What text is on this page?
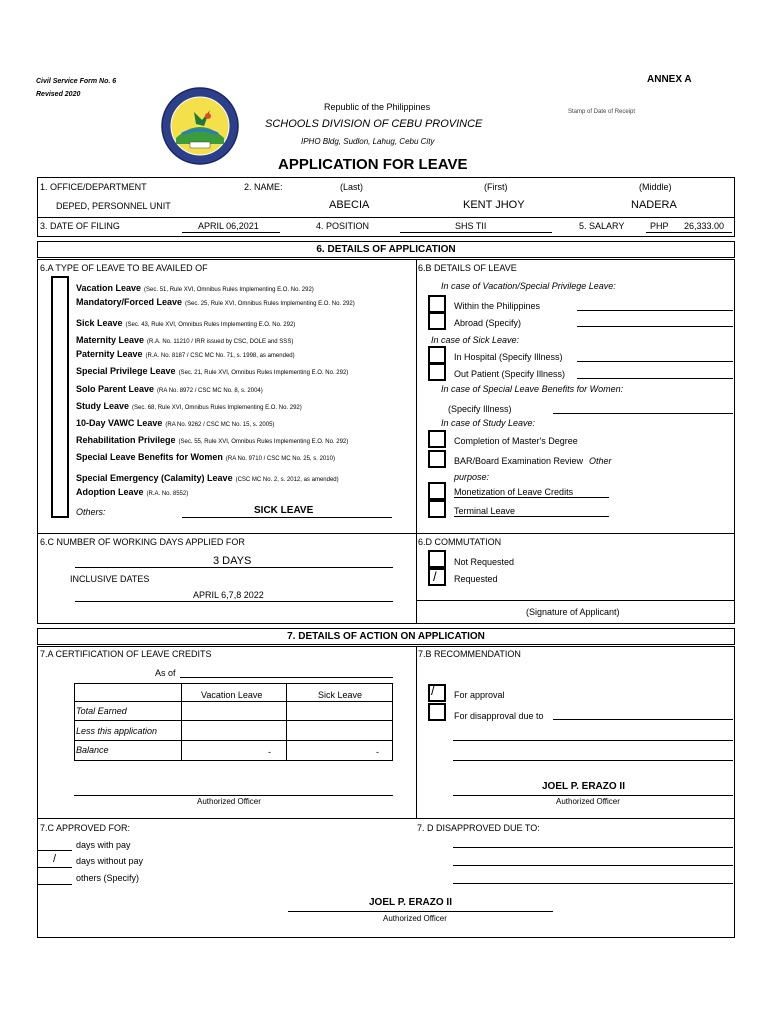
Civil Service Form No. 6
Revised 2020
ANNEX A
Republic of the Philippines
SCHOOLS DIVISION OF CEBU PROVINCE
IPHO Bldg, Sudlon, Lahug, Cebu City
Stamp of Date of Receipt
APPLICATION FOR LEAVE
1. OFFICE/DEPARTMENT
DEPED, PERSONNEL UNIT
2. NAME:	(Last)	(First)	(Middle)
ABECIA	KENT JHOY	NADERA
3. DATE OF FILING	APRIL 06,2021	4. POSITION	SHS TII	5. SALARY	PHP 26,333.00
6. DETAILS OF APPLICATION
6.A TYPE OF LEAVE TO BE AVAILED OF	6.B DETAILS OF LEAVE
Vacation Leave (Sec. 51, Rule XVI, Omnibus Rules Implementing E.O. No. 292)
Mandatory/Forced Leave (Sec. 25, Rule XVI, Omnibus Rules Implementing E.O. No. 292)
Sick Leave (Sec. 43, Rule XVI, Omnibus Rules Implementing E.O. No. 292)
Maternity Leave (R.A. No. 11210 / IRR issued by CSC, DOLE and SSS)
Paternity Leave (R.A. No. 8187 / CSC MC No. 71, s. 1998, as amended)
Special Privilege Leave (Sec. 21, Rule XVI, Omnibus Rules Implementing E.O. No. 292)
Solo Parent Leave (RA No. 8972 / CSC MC No. 8, s. 2004)
Study Leave (Sec. 68, Rule XVI, Omnibus Rules Implementing E.O. No. 292)
10-Day VAWC Leave (RA No. 9262 / CSC MC No. 15, s. 2005)
Rehabilitation Privilege (Sec. 55, Rule XVI, Omnibus Rules Implementing E.O. No. 292)
Special Leave Benefits for Women (RA No. 9710 / CSC MC No. 25, s. 2010)
Special Emergency (Calamity) Leave (CSC MC No. 2, s. 2012, as amended)
Adoption Leave (R.A. No. 8552)
Others:	SICK LEAVE
In case of Vacation/Special Privilege Leave:
Within the Philippines
Abroad (Specify)
In case of Sick Leave:
In Hospital (Specify Illness)
Out Patient (Specify Illness)
In case of Special Leave Benefits for Women:
(Specify Illness)
In case of Study Leave:
Completion of Master's Degree
BAR/Board Examination Review Other
purpose:
Monetization of Leave Credits
Terminal Leave
6.C NUMBER OF WORKING DAYS APPLIED FOR
3 DAYS
INCLUSIVE DATES
APRIL 6,7,8 2022
6.D COMMUTATION
Not Requested
/ Requested
(Signature of Applicant)
7. DETAILS OF ACTION ON APPLICATION
7.A CERTIFICATION OF LEAVE CREDITS
As of
Vacation Leave	Sick Leave
Total Earned
Less this application
Balance	-	-
Authorized Officer
7.B RECOMMENDATION
/ For approval
For disapproval due to
JOEL P. ERAZO II
Authorized Officer
7.C APPROVED FOR:
days with pay
/ days without pay
others (Specify)
7. D DISAPPROVED DUE TO:
JOEL P. ERAZO II
Authorized Officer
